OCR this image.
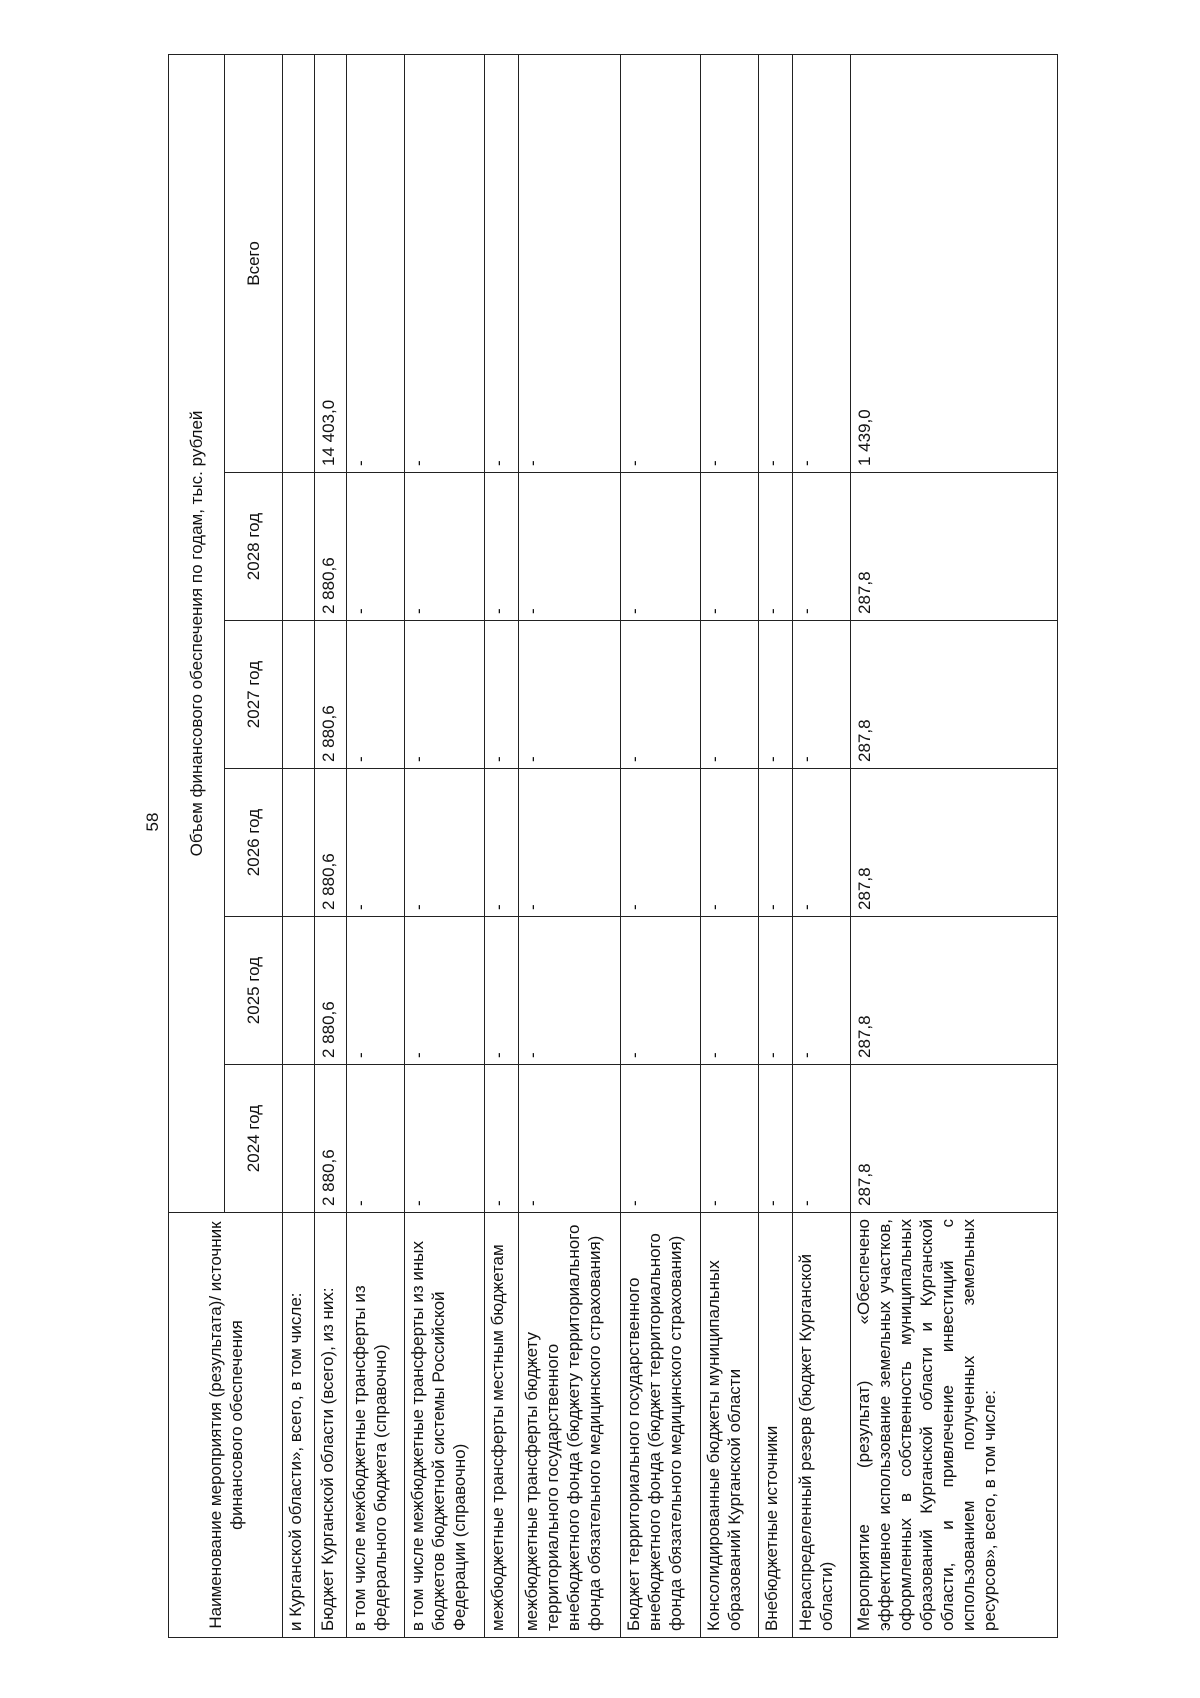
58
Наименование мероприятия (результата)/ источник финансового обеспечения	Объем финансового обеспечения по годам, тыс. рублей					
	2024 год	2025 год	2026 год	2027 год	2028 год	Всего
и Курганской области», всего, в том числе:						
Бюджет Курганской области (всего), из них:	2 880,6	2 880,6	2 880,6	2 880,6	2 880,6	14 403,0
в том числе межбюджетные трансферты из федерального бюджета (справочно)	-	-	-	-	-	-
в том числе межбюджетные трансферты из иных бюджетов бюджетной системы Российской Федерации (справочно)	-	-	-	-	-	-
межбюджетные трансферты местным бюджетам	-	-	-	-	-	-
межбюджетные трансферты бюджету территориального государственного внебюджетного фонда (бюджету территориального фонда обязательного медицинского страхования)	-	-	-	-	-	-
Бюджет территориального государственного внебюджетного фонда (бюджет территориального фонда обязательного медицинского страхования)	-	-	-	-	-	-
Консолидированные бюджеты муниципальных образований Курганской области	-	-	-	-	-	-
Внебюджетные источники	-	-	-	-	-	-
Нераспределенный резерв (бюджет Курганской области)	-	-	-	-	-	-
Мероприятие (результат) «Обеспечено эффективное использование земельных участков, оформленных в собственность муниципальных образований Курганской области и Курганской области, и привлечение инвестиций с использованием полученных земельных ресурсов», всего, в том числе:	287,8	287,8	287,8	287,8	287,8	1 439,0
